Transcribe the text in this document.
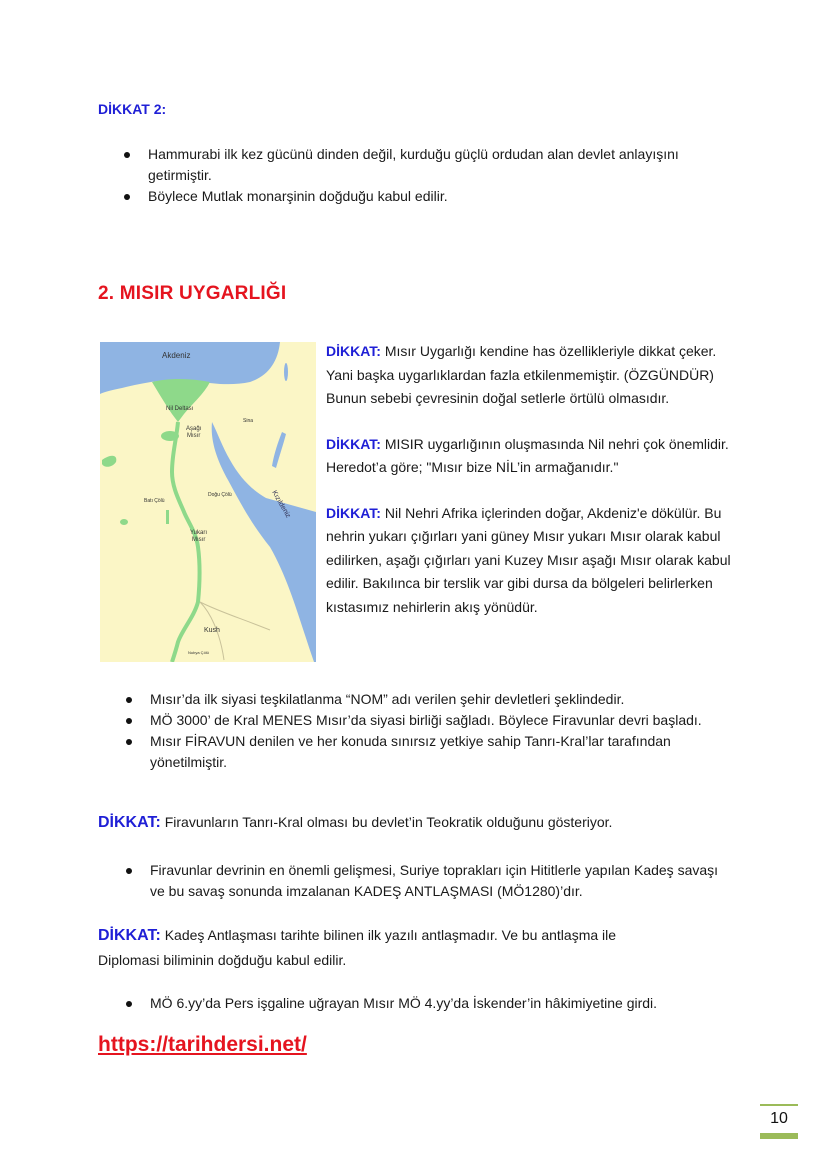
DİKKAT 2:
Hammurabi ilk kez gücünü dinden değil, kurduğu güçlü ordudan alan devlet anlayışını getirmiştir.
Böylece Mutlak monarşinin doğduğu kabul edilir.
2. MISIR UYGARLIĞI
Akdeniz
Nil Deltası
Aşağı
Mısır
Sina
Doğu Çölü
Batı Çölü
Yukarı
Mısır
Kızıldeniz
Kush
Nubya Çölü

DİKKAT: Mısır Uygarlığı kendine has özellikleriyle dikkat çeker. Yani başka uygarlıklardan fazla etkilenmemiştir. (ÖZGÜNDÜR) Bunun sebebi çevresinin doğal setlerle örtülü olmasıdır.

DİKKAT: MISIR uygarlığının oluşmasında Nil nehri çok önemlidir. Heredot’a göre; "Mısır bize NİL’in armağanıdır."

DİKKAT: Nil Nehri Afrika içlerinden doğar, Akdeniz'e dökülür. Bu nehrin yukarı çığırları yani güney Mısır yukarı Mısır olarak kabul edilirken, aşağı çığırları yani Kuzey Mısır aşağı Mısır olarak kabul edilir. Bakılınca bir terslik var gibi dursa da bölgeleri belirlerken kıstasımız nehirlerin akış yönüdür.

Mısır’da ilk siyasi teşkilatlanma “NOM” adı verilen şehir devletleri şeklindedir.
MÖ 3000’ de Kral MENES Mısır’da siyasi birliği sağladı. Böylece Firavunlar devri başladı.
Mısır FİRAVUN denilen ve her konuda sınırsız yetkiye sahip Tanrı-Kral’lar tarafından yönetilmiştir.
DİKKAT: Firavunların Tanrı-Kral olması bu devlet’in Teokratik olduğunu gösteriyor.
Firavunlar devrinin en önemli gelişmesi, Suriye toprakları için Hititlerle yapılan Kadeş savaşı ve bu savaş sonunda imzalanan KADEŞ ANTLAŞMASI (MÖ1280)’dır.
DİKKAT: Kadeş Antlaşması tarihte bilinen ilk yazılı antlaşmadır. Ve bu antlaşma ile Diplomasi biliminin doğduğu kabul edilir.
MÖ 6.yy’da Pers işgaline uğrayan Mısır MÖ 4.yy’da İskender’in hâkimiyetine girdi.
https://tarihdersi.net/
10
